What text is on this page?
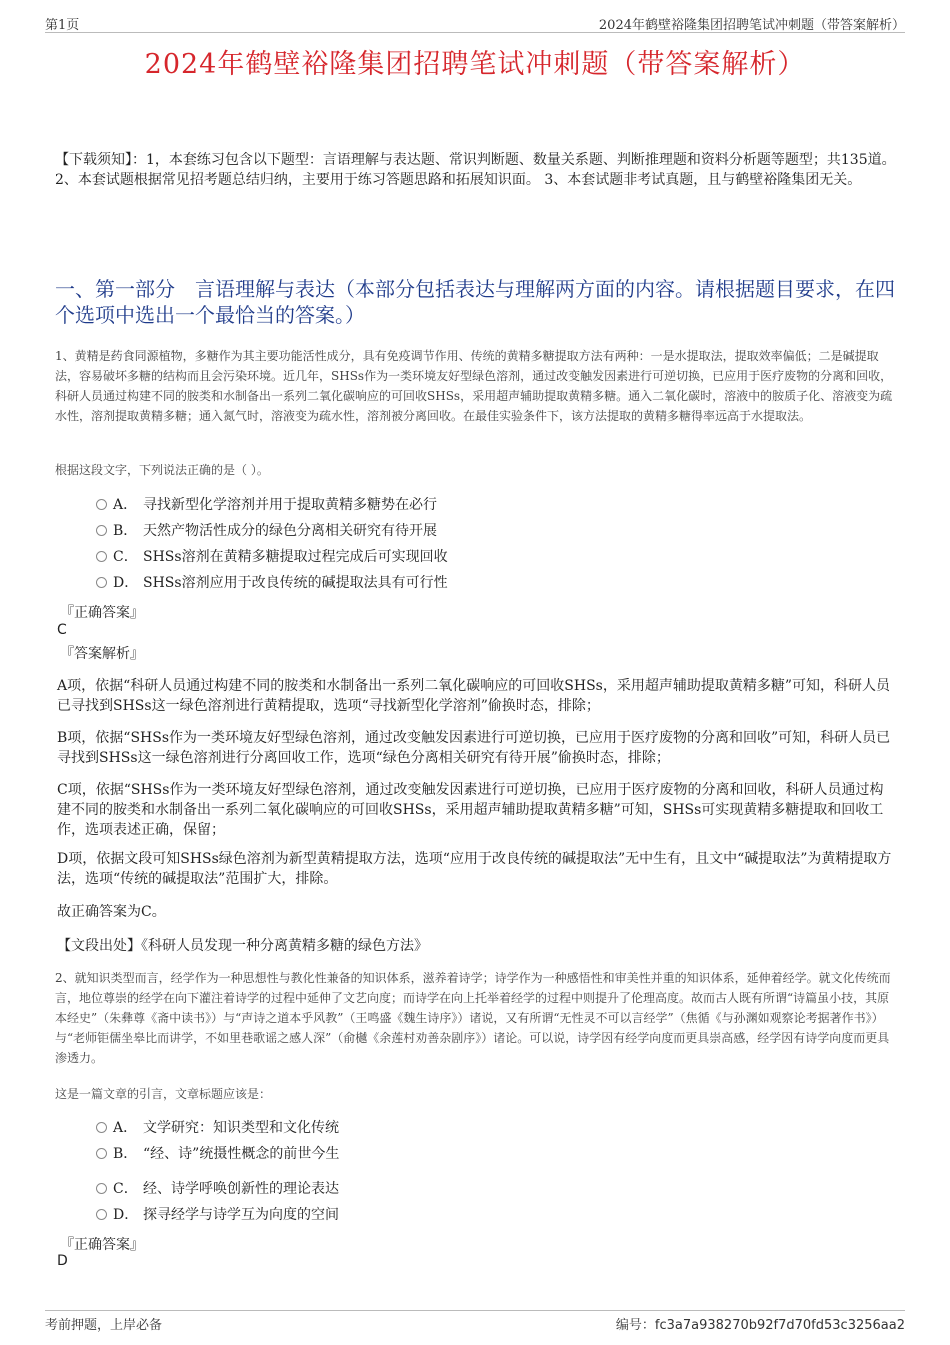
第1页	2024年鹤壁裕隆集团招聘笔试冲刺题（带答案解析）
2024年鹤壁裕隆集团招聘笔试冲刺题（带答案解析）
【下载须知】：1，本套练习包含以下题型：言语理解与表达题、常识判断题、数量关系题、判断推理题和资料分析题等题型；共135道。 2、本套试题根据常见招考题总结归纳，主要用于练习答题思路和拓展知识面。 3、本套试题非考试真题，且与鹤壁裕隆集团无关。
一、第一部分　言语理解与表达（本部分包括表达与理解两方面的内容。请根据题目要求，在四个选项中选出一个最恰当的答案。）
1、黄精是药食同源植物，多糖作为其主要功能活性成分，具有免疫调节作用、传统的黄精多糖提取方法有两种：一是水提取法，提取效率偏低；二是碱提取法，容易破坏多糖的结构而且会污染环境。近几年，SHSs作为一类环境友好型绿色溶剂，通过改变触发因素进行可逆切换，已应用于医疗废物的分离和回收，科研人员通过构建不同的胺类和水制备出一系列二氧化碳响应的可回收SHSs，采用超声辅助提取黄精多糖。通入二氧化碳时，溶液中的胺质子化、溶液变为疏水性，溶剂提取黄精多糖；通入氮气时，溶液变为疏水性，溶剂被分离回收。在最佳实验条件下，该方法提取的黄精多糖得率远高于水提取法。
根据这段文字，下列说法正确的是（ ）。
A． 寻找新型化学溶剂并用于提取黄精多糖势在必行
B． 天然产物活性成分的绿色分离相关研究有待开展
C． SHSs溶剂在黄精多糖提取过程完成后可实现回收
D． SHSs溶剂应用于改良传统的碱提取法具有可行性
『正确答案』
C
『答案解析』
A项，依据“科研人员通过构建不同的胺类和水制备出一系列二氧化碳响应的可回收SHSs，采用超声辅助提取黄精多糖”可知，科研人员已寻找到SHSs这一绿色溶剂进行黄精提取，选项“寻找新型化学溶剂”偷换时态，排除；
B项，依据“SHSs作为一类环境友好型绿色溶剂，通过改变触发因素进行可逆切换，已应用于医疗废物的分离和回收”可知，科研人员已寻找到SHSs这一绿色溶剂进行分离回收工作，选项“绿色分离相关研究有待开展”偷换时态，排除；
C项，依据“SHSs作为一类环境友好型绿色溶剂，通过改变触发因素进行可逆切换，已应用于医疗废物的分离和回收，科研人员通过构建不同的胺类和水制备出一系列二氧化碳响应的可回收SHSs，采用超声辅助提取黄精多糖”可知，SHSs可实现黄精多糖提取和回收工作，选项表述正确，保留；
D项，依据文段可知SHSs绿色溶剂为新型黄精提取方法，选项“应用于改良传统的碱提取法”无中生有，且文中“碱提取法”为黄精提取方法，选项“传统的碱提取法”范围扩大，排除。
故正确答案为C。
【文段出处】《科研人员发现一种分离黄精多糖的绿色方法》
2、就知识类型而言，经学作为一种思想性与教化性兼备的知识体系，滋养着诗学；诗学作为一种感悟性和审美性并重的知识体系，延伸着经学。就文化传统而言，地位尊崇的经学在向下灌注着诗学的过程中延伸了文艺向度；而诗学在向上托举着经学的过程中则提升了伦理高度。故而古人既有所谓“诗篇虽小技，其原本经史”（朱彝尊《斋中读书》）与“声诗之道本乎风教”（王鸣盛《魏生诗序》）诸说，又有所谓“无性灵不可以言经学”（焦循《与孙渊如观察论考据著作书》）与“老师钜儒坐皋比而讲学，不如里巷歌谣之感人深”（俞樾《余莲村劝善杂剧序》）诸论。可以说，诗学因有经学向度而更具崇高感，经学因有诗学向度而更具渗透力。
这是一篇文章的引言，文章标题应该是：
A． 文学研究：知识类型和文化传统
B． “经、诗”统摄性概念的前世今生
C． 经、诗学呼唤创新性的理论表达
D． 探寻经学与诗学互为向度的空间
『正确答案』
D
考前押题，上岸必备	编号：fc3a7a938270b92f7d70fd53c3256aa2
